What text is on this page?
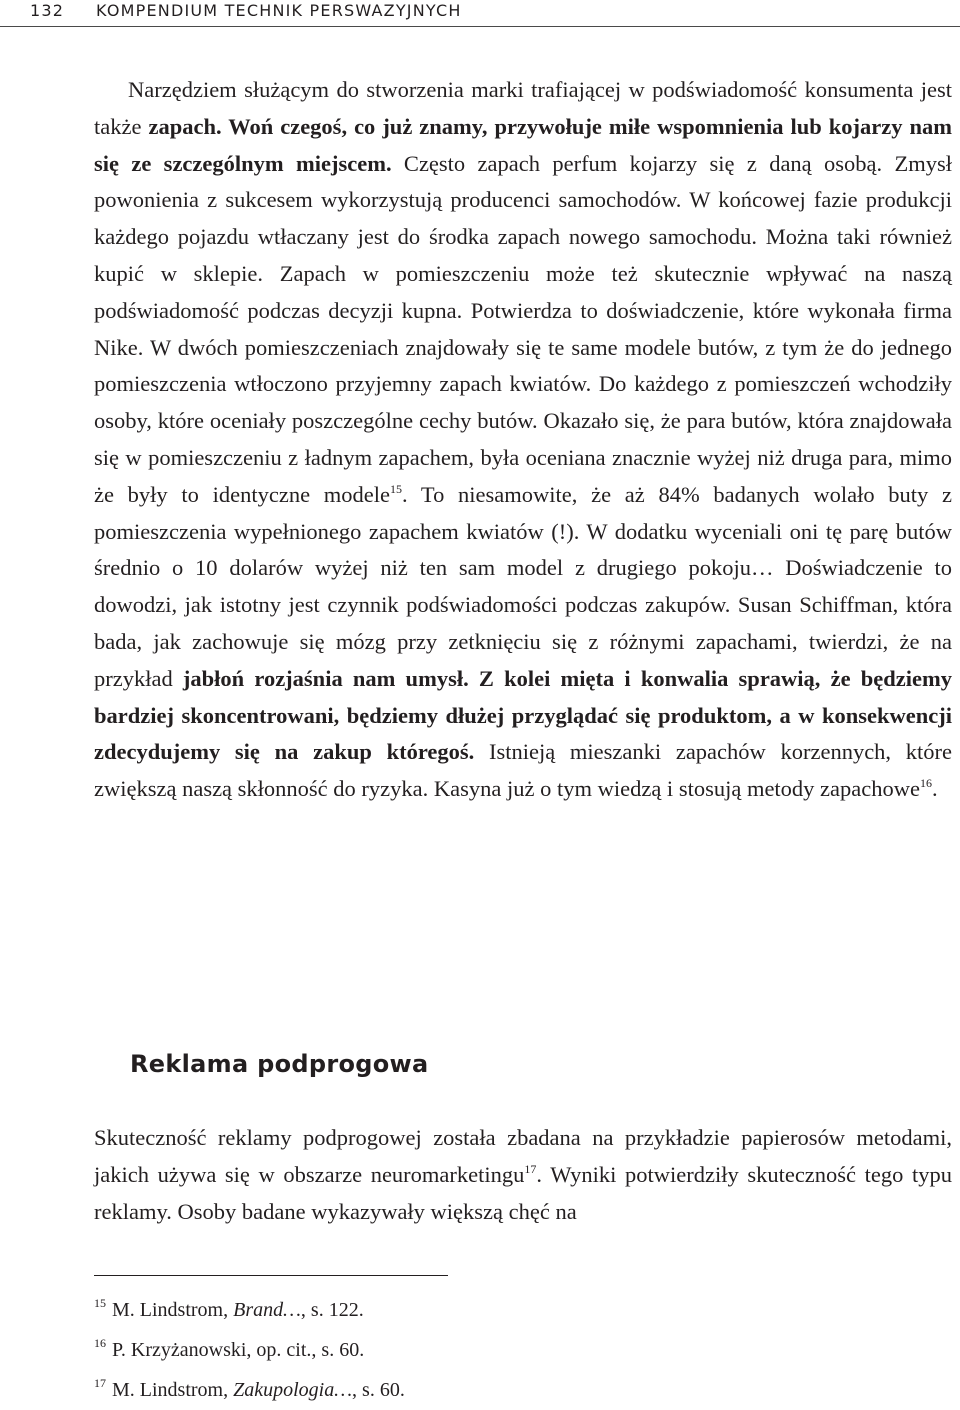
132 KOMPENDIUM TECHNIK PERSWAZYJNYCH

Narzędziem służącym do stworzenia marki trafiającej w podświadomość konsumenta jest także zapach. Woń czegoś, co już znamy, przywołuje miłe wspomnienia lub kojarzy nam się ze szczególnym miejscem. Często zapach perfum kojarzy się z daną osobą. Zmysł powonienia z sukcesem wykorzystują producenci samochodów. W końcowej fazie produkcji każdego pojazdu wtłaczany jest do środka zapach nowego samochodu. Można taki również kupić w sklepie. Zapach w pomieszczeniu może też skutecznie wpływać na naszą podświadomość podczas decyzji kupna. Potwierdza to doświadczenie, które wykonała firma Nike. W dwóch pomieszczeniach znajdowały się te same modele butów, z tym że do jednego pomieszczenia wtłoczono przyjemny zapach kwiatów. Do każdego z pomieszczeń wchodziły osoby, które oceniały poszczególne cechy butów. Okazało się, że para butów, która znajdowała się w pomieszczeniu z ładnym zapachem, była oceniana znacznie wyżej niż druga para, mimo że były to identyczne modele$^{15}$. To niesamowite, że aż 84% badanych wolało buty z pomieszczenia wypełnionego zapachem kwiatów (!). W dodatku wyceniali oni tę parę butów średnio o 10 dolarów wyżej niż ten sam model z drugiego pokoju… Doświadczenie to dowodzi, jak istotny jest czynnik podświadomości podczas zakupów. Susan Schiffman, która bada, jak zachowuje się mózg przy zetknięciu się z różnymi zapachami, twierdzi, że na przykład jabłoń rozjaśnia nam umysł. Z kolei mięta i konwalia sprawią, że będziemy bardziej skoncentrowani, będziemy dłużej przyglądać się produktom, a w konsekwencji zdecydujemy się na zakup któregoś. Istnieją mieszanki zapachów korzennych, które zwiększą naszą skłonność do ryzyka. Kasyna już o tym wiedzą i stosują metody zapachowe$^{16}$.

Reklama podprogowa

Skuteczność reklamy podprogowej została zbadana na przykładzie papierosów metodami, jakich używa się w obszarze neuromarketingu$^{17}$. Wyniki potwierdziły skuteczność tego typu reklamy. Osoby badane wykazywały większą chęć na

$^{15}$ M. Lindstrom, Brand…, s. 122.
$^{16}$ P. Krzyżanowski, op. cit., s. 60.
$^{17}$ M. Lindstrom, Zakupologia…, s. 60.
